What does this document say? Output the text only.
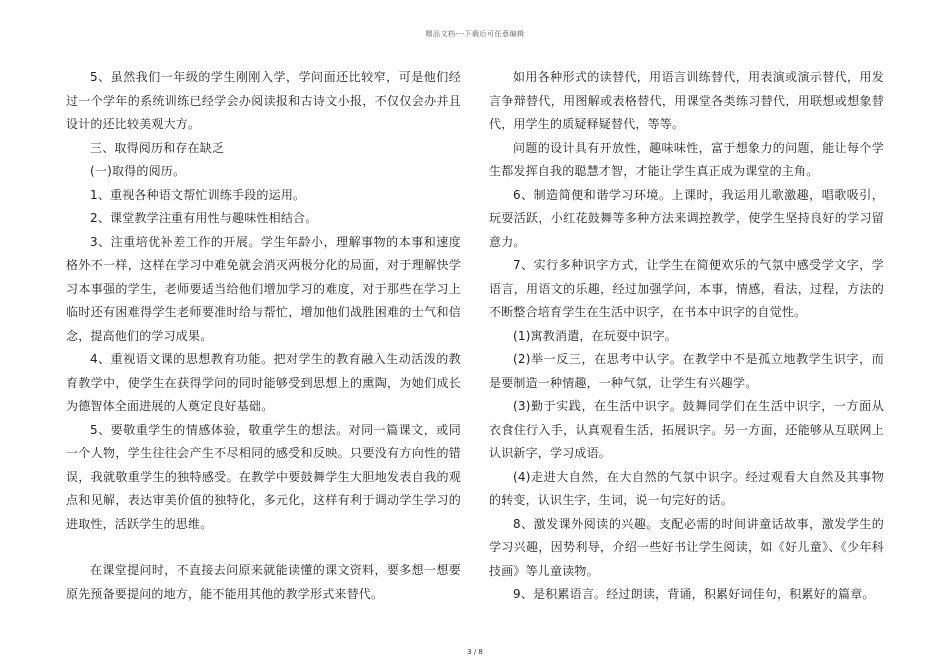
精品文档---下载后可任意编辑

5、虽然我们一年级的学生刚刚入学，学问面还比较窄，可是他们经过一个学年的系统训练已经学会办阅读报和古诗文小报，不仅仅会办并且设计的还比较美观大方。

三、取得阅历和存在缺乏

(一)取得的阅历。

1、重视各种语文帮忙训练手段的运用。

2、课堂教学注重有用性与趣味性相结合。

3、注重培优补差工作的开展。学生年龄小，理解事物的本事和速度格外不一样，这样在学习中难免就会消灭两极分化的局面，对于理解快学习本事强的学生，老师要适当给他们增加学习的难度，对于那些在学习上临时还有困难得学生老师要准时给与帮忙，增加他们战胜困难的士气和信念，提高他们的学习成果。

4、重视语文课的思想教育功能。把对学生的教育融入生动活泼的教育教学中，使学生在获得学问的同时能够受到思想上的熏陶，为她们成长为德智体全面进展的人奠定良好基础。

5、要敬重学生的情感体验，敬重学生的想法。对同一篇课文，或同一个人物，学生往往会产生不尽相同的感受和反映。只要没有方向性的错误，我就敬重学生的独特感受。在教学中要鼓舞学生大胆地发表自我的观点和见解，表达审美价值的独特化，多元化，这样有利于调动学生学习的进取性，活跃学生的思维。

在课堂提问时，不直接去问原来就能读懂的课文资料，要多想一想要原先预备要提问的地方，能不能用其他的教学形式来替代。

如用各种形式的读替代，用语言训练替代，用表演或演示替代，用发言争辩替代，用图解或表格替代，用课堂各类练习替代，用联想或想象替代，用学生的质疑释疑替代，等等。

问题的设计具有开放性，趣味味性，富于想象力的问题，能让每个学生都发挥自我的聪慧才智，才能让学生真正成为课堂的主角。

6、制造简便和谐学习环境。上课时，我运用儿歌激趣，唱歌吸引，玩耍活跃，小红花鼓舞等多种方法来调控教学，使学生坚持良好的学习留意力。

7、实行多种识字方式，让学生在简便欢乐的气氛中感受学文字，学语言，用语文的乐趣，经过加强学问，本事，情感，看法，过程，方法的不断整合培育学生在生活中识字，在书本中识字的自觉性。

(1)寓教消遣，在玩耍中识字。

(2)举一反三，在思考中认字。在教学中不是孤立地教学生识字，而是要制造一种情趣，一种气氛，让学生有兴趣学。

(3)勤于实践，在生活中识字。鼓舞同学们在生活中识字，一方面从衣食住行入手，认真观看生活，拓展识字。另一方面，还能够从互联网上认识新字，学习成语。

(4)走进大自然，在大自然的气氛中识字。经过观看大自然及其事物的转变，认识生字，生词，说一句完好的话。

8、激发课外阅读的兴趣。支配必需的时间讲童话故事，激发学生的学习兴趣，因势利导，介绍一些好书让学生阅读，如《好儿童》、《少年科技画》等儿童读物。

9、是积累语言。经过朗读，背诵，积累好词佳句，积累好的篇章。

3 / 8
